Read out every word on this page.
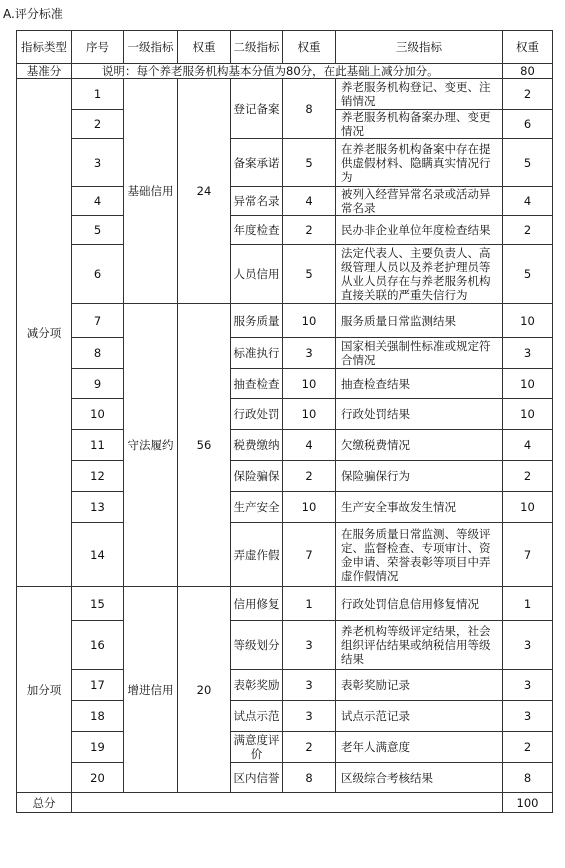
A.评分标准
指标类型	序号	一级指标	权重	二级指标	权重	三级指标	权重
基准分	说明：每个养老服务机构基本分值为80分，在此基础上减分加分。						80
减分项	1	基础信用	24	登记备案	8	养老服务机构登记、变更、注销情况	2
	2					养老服务机构备案办理、变更情况	6
	3			备案承诺	5	在养老服务机构备案中存在提供虚假材料、隐瞒真实情况行为	5
	4			异常名录	4	被列入经营异常名录或活动异常名录	4
	5			年度检查	2	民办非企业单位年度检查结果	2
	6			人员信用	5	法定代表人、主要负责人、高级管理人员以及养老护理员等从业人员存在与养老服务机构直接关联的严重失信行为	5
	7	守法履约	56	服务质量	10	服务质量日常监测结果	10
	8			标准执行	3	国家相关强制性标准或规定符合情况	3
	9			抽查检查	10	抽查检查结果	10
	10			行政处罚	10	行政处罚结果	10
	11			税费缴纳	4	欠缴税费情况	4
	12			保险骗保	2	保险骗保行为	2
	13			生产安全	10	生产安全事故发生情况	10
	14			弄虚作假	7	在服务质量日常监测、等级评定、监督检查、专项审计、资金申请、荣誉表彰等项目中弄虚作假情况	7
加分项	15	增进信用	20	信用修复	1	行政处罚信息信用修复情况	1
	16			等级划分	3	养老机构等级评定结果，社会组织评估结果或纳税信用等级结果	3
	17			表彰奖励	3	表彰奖励记录	3
	18			试点示范	3	试点示范记录	3
	19			满意度评价	2	老年人满意度	2
	20			区内信誉	8	区级综合考核结果	8
总分							100
